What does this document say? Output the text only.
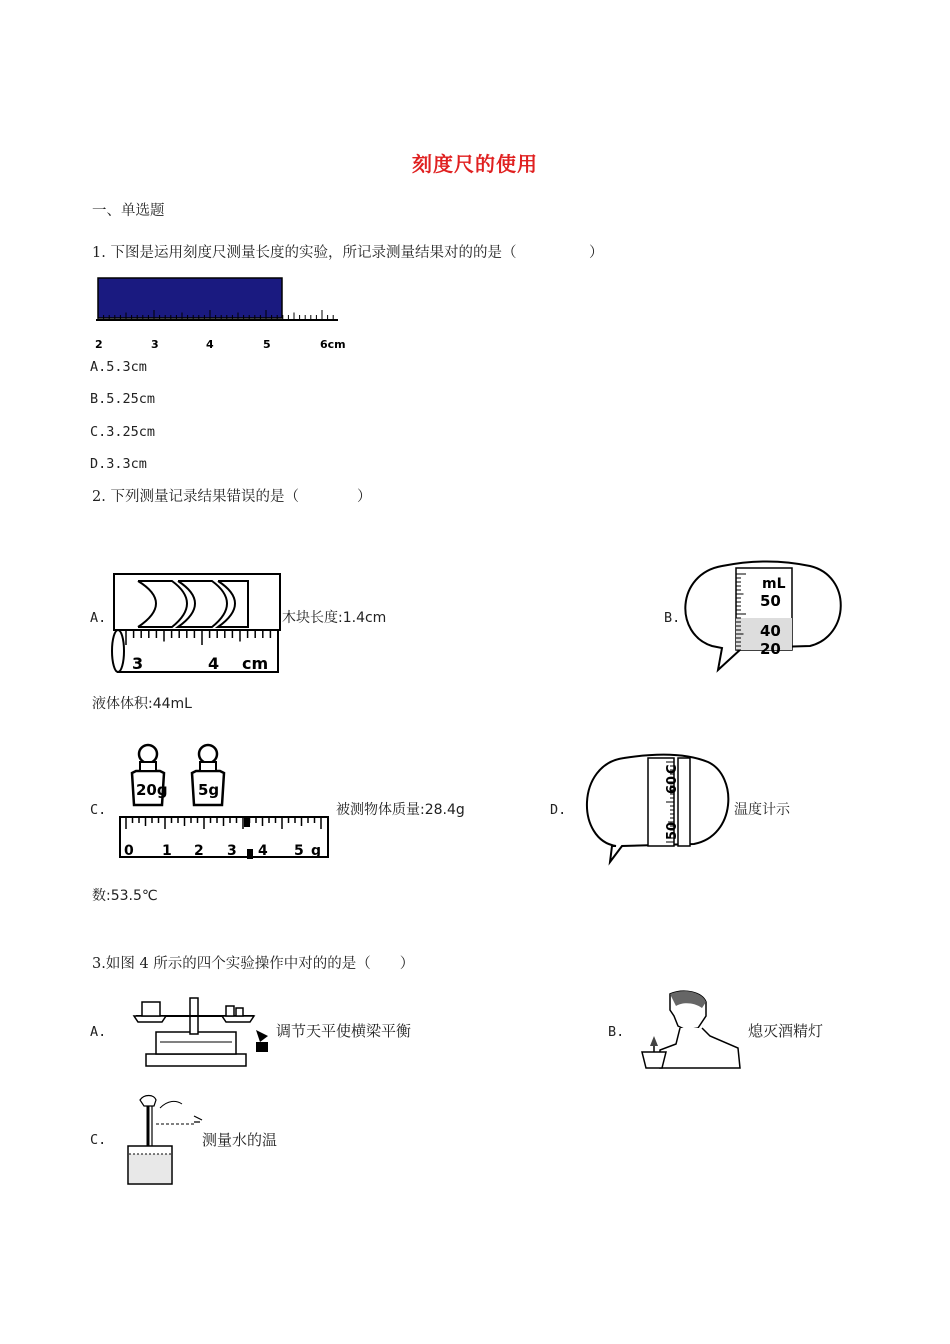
刻度尺的使用
一、单选题
1. 下图是运用刻度尺测量长度的实验，所记录测量结果对的的是（　　　　　）
2	3	4	5	6cm
A.5.3cm
B.5.25cm
C.3.25cm
D.3.3cm
2. 下列测量记录结果错误的是（　　　　）
A.
3	4 cm
木块长度:1.4cm	B.
mL
50
40
20
液体体积:44mL
C.
20g 5g
0 1 2 3 4 5 g
被测物体质量:28.4g	D.
60
C
50
温度计示
数:53.5℃
3.如图 4 所示的四个实验操作中对的的是（　　）
A.	调节天平使横梁平衡	B.	熄灭酒精灯
C.	测量水的温
